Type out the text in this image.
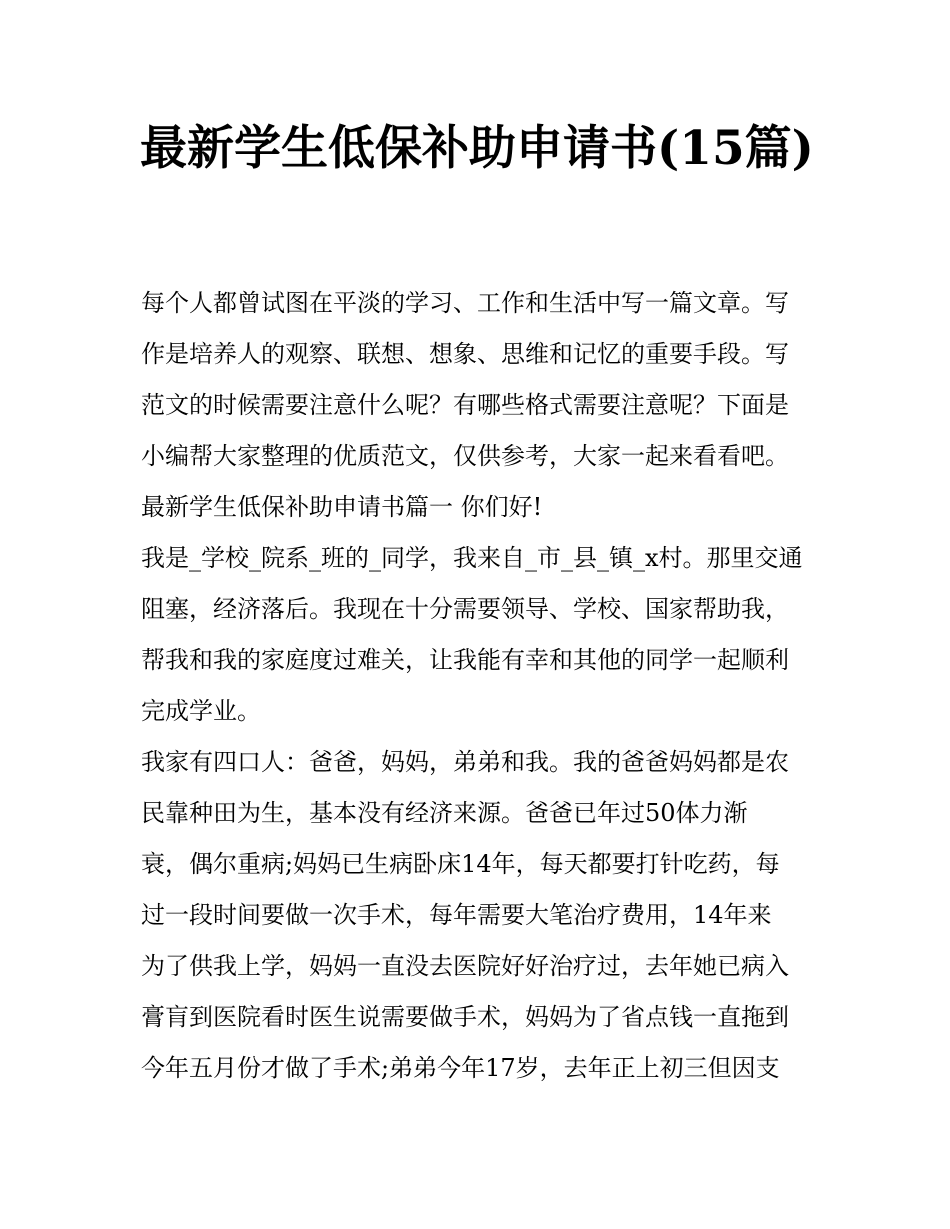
最新学生低保补助申请书(15篇)
每个人都曾试图在平淡的学习、工作和生活中写一篇文章。写
作是培养人的观察、联想、想象、思维和记忆的重要手段。写
范文的时候需要注意什么呢？有哪些格式需要注意呢？下面是
小编帮大家整理的优质范文，仅供参考，大家一起来看看吧。
最新学生低保补助申请书篇一 你们好!
我是_学校_院系_班的_同学，我来自_市_县_镇_x村。那里交通
阻塞，经济落后。我现在十分需要领导、学校、国家帮助我，
帮我和我的家庭度过难关，让我能有幸和其他的同学一起顺利
完成学业。
我家有四口人：爸爸，妈妈，弟弟和我。我的爸爸妈妈都是农
民靠种田为生，基本没有经济来源。爸爸已年过50体力渐
衰，偶尔重病;妈妈已生病卧床14年，每天都要打针吃药，每
过一段时间要做一次手术，每年需要大笔治疗费用，14年来
为了供我上学，妈妈一直没去医院好好治疗过，去年她已病入
膏肓到医院看时医生说需要做手术，妈妈为了省点钱一直拖到
今年五月份才做了手术;弟弟今年17岁，去年正上初三但因支
